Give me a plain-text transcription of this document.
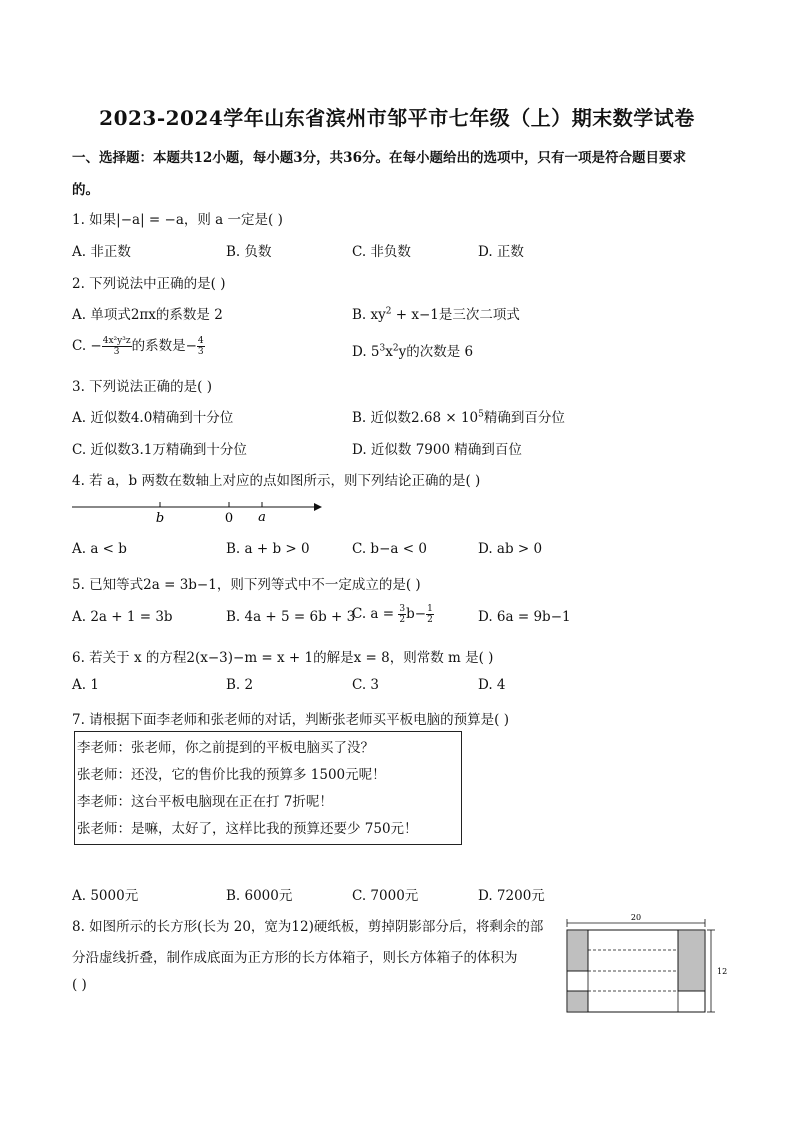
2023-2024学年山东省滨州市邹平市七年级（上）期末数学试卷
一、选择题：本题共12小题，每小题3分，共36分。在每小题给出的选项中，只有一项是符合题目要求
的。
1. 如果|−a| = −a，则 a 一定是( )
A. 非正数	B. 负数	C. 非负数	D. 正数
2. 下列说法中正确的是( )
A. 单项式2πx的系数是 2	B. $xy^2 + x-1$是三次二项式
C. − $\frac{\text{4x²y³z}}{3}$ 的系数是− $\frac{4}{3}$	D. $5^3x^2y$的次数是 6
3. 下列说法正确的是( )
A. 近似数4.0精确到十分位	B. 近似数$2.68 \times 10^5$精确到百分位
C. 近似数3.1万精确到十分位	D. 近似数 7900 精确到百位
4. 若 a，b 两数在数轴上对应的点如图所示，则下列结论正确的是( )
b	0 a
A. a < b	B. a + b > 0	C. b−a < 0	D. ab > 0
5. 已知等式2a = 3b−1，则下列等式中不一定成立的是( )
A. 2a + 1 = 3b	B. 4a + 5 = 6b + 3
C. $a = \frac{3}{2} b- \frac{1}{2}$	D. 6a = 9b−1
6. 若关于 x 的方程2(x−3)−m = x + 1的解是x = 8，则常数 m 是( )
A. 1	B. 2	C. 3	D. 4
7. 请根据下面李老师和张老师的对话，判断张老师买平板电脑的预算是( )
李老师：张老师，你之前提到的平板电脑买了没？
张老师：还没，它的售价比我的预算多 1500元呢！
李老师：这台平板电脑现在正在打 7折呢！
张老师：是嘛，太好了，这样比我的预算还要少 750元！
A. 5000元	B. 6000元	C. 7000元	D. 7200元
8. 如图所示的长方形(长为 20，宽为12)硬纸板，剪掉阴影部分后，将剩余的部
分沿虚线折叠，制作成底面为正方形的长方体箱子，则长方体箱子的体积为
( )
20
12
